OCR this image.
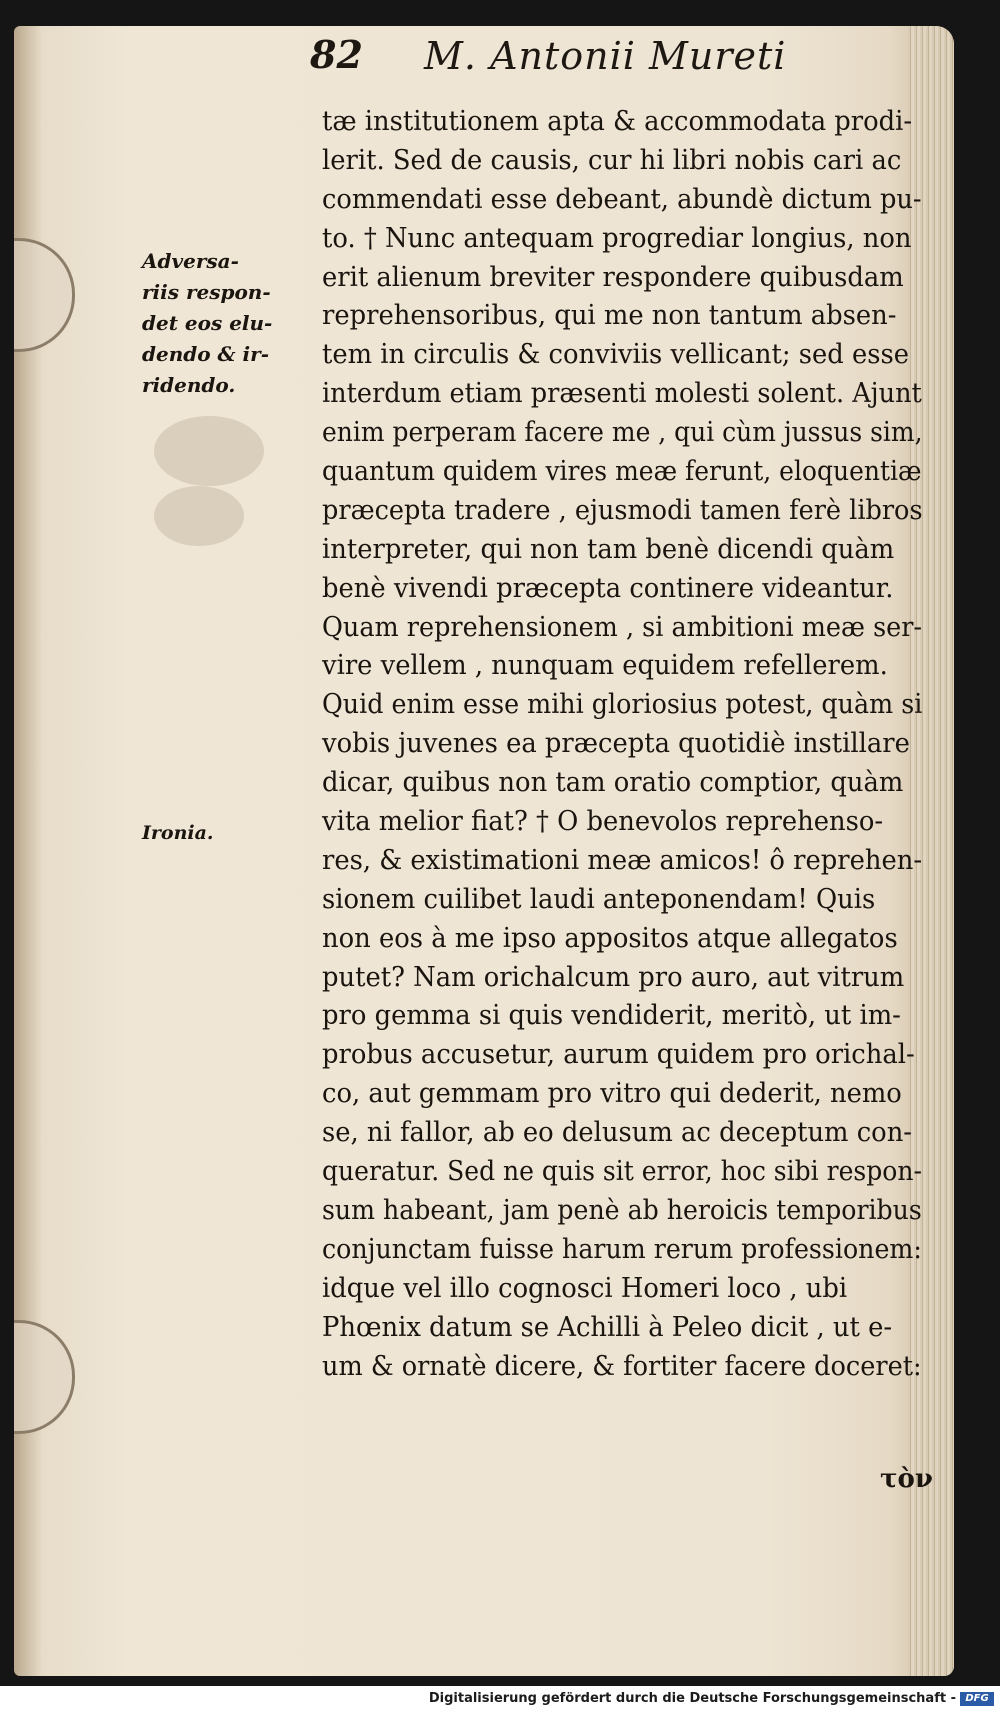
82 M. Antonii Mureti
Adversa-
riis respon-
det eos elu-
dendo & ir-
ridendo.
Ironia.
tæ institutionem apta & accommodata prodi-
lerit. Sed de causis, cur hi libri nobis cari ac
commendati esse debeant, abundè dictum pu-
to. † Nunc antequam progrediar longius, non
erit alienum breviter respondere quibusdam
reprehensoribus, qui me non tantum absen-
tem in circulis & conviviis vellicant; sed esse
interdum etiam præsenti molesti solent. Ajunt
enim perperam facere me , qui cùm jussus sim,
quantum quidem vires meæ ferunt, eloquentiæ
præcepta tradere , ejusmodi tamen ferè libros
interpreter, qui non tam benè dicendi quàm
benè vivendi præcepta continere videantur.
Quam reprehensionem , si ambitioni meæ ser-
vire vellem , nunquam equidem refellerem.
Quid enim esse mihi gloriosius potest, quàm si
vobis juvenes ea præcepta quotidiè instillare
dicar, quibus non tam oratio comptior, quàm
vita melior fiat? † O benevolos reprehenso-
res, & existimationi meæ amicos! ô reprehen-
sionem cuilibet laudi anteponendam! Quis
non eos à me ipso appositos atque allegatos
putet? Nam orichalcum pro auro, aut vitrum
pro gemma si quis vendiderit, meritò, ut im-
probus accusetur, aurum quidem pro orichal-
co, aut gemmam pro vitro qui dederit, nemo
se, ni fallor, ab eo delusum ac deceptum con-
queratur. Sed ne quis sit error, hoc sibi respon-
sum habeant, jam penè ab heroicis temporibus
conjunctam fuisse harum rerum professionem:
idque vel illo cognosci Homeri loco , ubi
Phœnix datum se Achilli à Peleo dicit , ut e-
um & ornatè dicere, & fortiter facere doceret:
τὸν
Digitalisierung gefördert durch die Deutsche Forschungsgemeinschaft - DFG
